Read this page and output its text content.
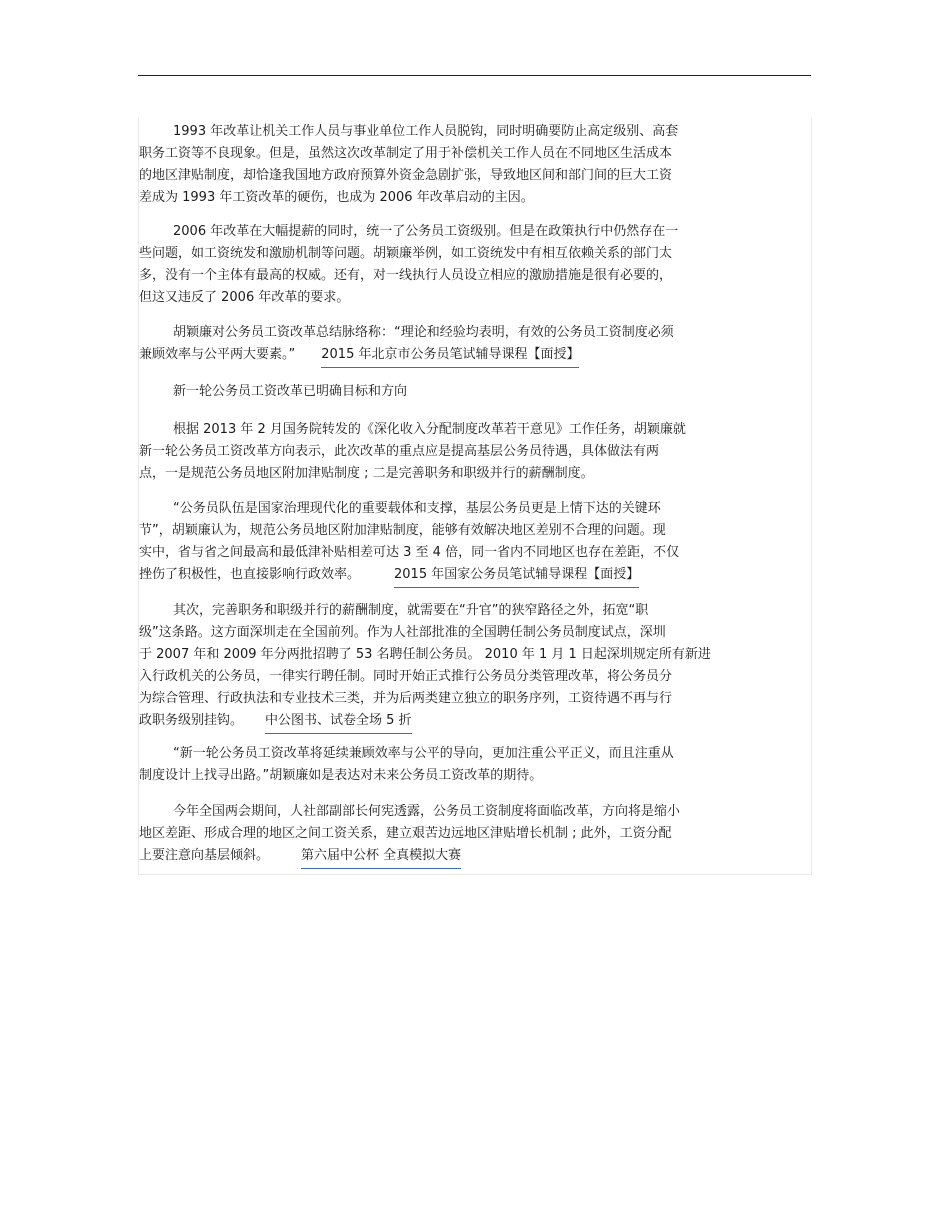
1993 年改革让机关工作人员与事业单位工作人员脱钩，同时明确要防止高定级别、高套
职务工资等不良现象。但是，虽然这次改革制定了用于补偿机关工作人员在不同地区生活成本
的地区津贴制度，却恰逢我国地方政府预算外资金急剧扩张，导致地区间和部门间的巨大工资
差成为 1993 年工资改革的硬伤，也成为 2006 年改革启动的主因。

2006 年改革在大幅提薪的同时，统一了公务员工资级别。但是在政策执行中仍然存在一
些问题，如工资统发和激励机制等问题。胡颖廉举例，如工资统发中有相互依赖关系的部门太
多，没有一个主体有最高的权威。还有，对一线执行人员设立相应的激励措施是很有必要的，
但这又违反了 2006 年改革的要求。

胡颖廉对公务员工资改革总结脉络称：“理论和经验均表明，有效的公务员工资制度必须
兼顾效率与公平两大要素。” 2015 年北京市公务员笔试辅导课程【面授】

新一轮公务员工资改革已明确目标和方向

根据 2013 年 2 月国务院转发的《深化收入分配制度改革若干意见》工作任务，胡颖廉就
新一轮公务员工资改革方向表示，此次改革的重点应是提高基层公务员待遇，具体做法有两
点，一是规范公务员地区附加津贴制度 ; 二是完善职务和职级并行的薪酬制度。

“公务员队伍是国家治理现代化的重要载体和支撑，基层公务员更是上情下达的关键环
节”，胡颖廉认为，规范公务员地区附加津贴制度，能够有效解决地区差别不合理的问题。现
实中，省与省之间最高和最低津补贴相差可达 3 至 4 倍，同一省内不同地区也存在差距，不仅
挫伤了积极性，也直接影响行政效率。	2015 年国家公务员笔试辅导课程【面授】

其次，完善职务和职级并行的薪酬制度，就需要在“升官”的狭窄路径之外，拓宽“职
级”这条路。这方面深圳走在全国前列。作为人社部批准的全国聘任制公务员制度试点，深圳
于 2007 年和 2009 年分两批招聘了 53 名聘任制公务员。 2010 年 1 月 1 日起深圳规定所有新进
入行政机关的公务员，一律实行聘任制。同时开始正式推行公务员分类管理改革，将公务员分
为综合管理、行政执法和专业技术三类，并为后两类建立独立的职务序列，工资待遇不再与行
政职务级别挂钩。 中公图书、试卷全场 5 折

“新一轮公务员工资改革将延续兼顾效率与公平的导向，更加注重公平正义，而且注重从
制度设计上找寻出路。”胡颖廉如是表达对未来公务员工资改革的期待。

今年全国两会期间，人社部副部长何宪透露，公务员工资制度将面临改革，方向将是缩小
地区差距、形成合理的地区之间工资关系，建立艰苦边远地区津贴增长机制 ; 此外，工资分配
上要注意向基层倾斜。 第六届中公杯 全真模拟大赛
